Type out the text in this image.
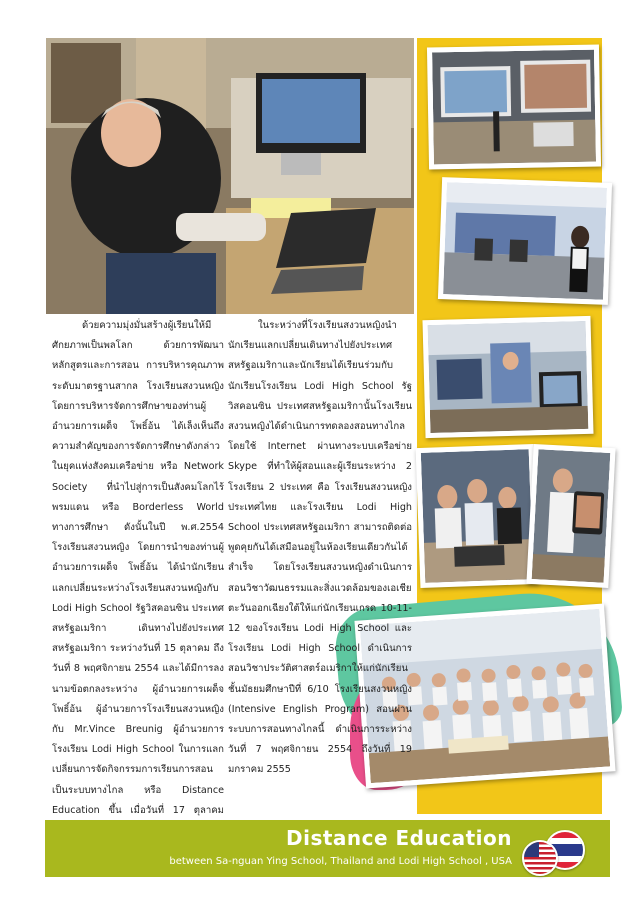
ด้วยความมุ่งมั่นสร้างผู้เรียนให้มีศักยภาพเป็นพลโลก ด้วยการพัฒนาหลักสูตรและการสอน การบริหารคุณภาพระดับมาตรฐานสากล โรงเรียนสงวนหญิงโดยการบริหารจัดการศึกษาของท่านผู้อำนวยการเผด็จ โพธิ์อ้น ได้เล็งเห็นถึงความสำคัญของการจัดการศึกษาดังกล่าวในยุคแห่งสังคมเครือข่าย หรือ Network Society ที่นำไปสู่การเป็นสังคมโลกไร้พรมแดน หรือ Borderless World ทางการศึกษา ดังนั้นในปี พ.ศ.2554 โรงเรียนสงวนหญิง โดยการนำของท่านผู้อำนวยการเผด็จ โพธิ์อ้น ได้นำนักเรียนแลกเปลี่ยนระหว่างโรงเรียนสงวนหญิงกับ Lodi High School รัฐวิสคอนซิน ประเทศสหรัฐอเมริกา เดินทางไปยังประเทศสหรัฐอเมริกา ระหว่างวันที่ 15 ตุลาคม ถึงวันที่ 8 พฤศจิกายน 2554 และได้มีการลงนามข้อตกลงระหว่าง ผู้อำนวยการเผด็จ โพธิ์อ้น ผู้อำนวยการโรงเรียนสงวนหญิงกับ Mr.Vince Breunig ผู้อำนวยการโรงเรียน Lodi High School ในการแลกเปลี่ยนการจัดกิจกรรมการเรียนการสอนเป็นระบบทางไกล หรือ Distance Education ขึ้น เมื่อวันที่ 17 ตุลาคม
ในระหว่างที่โรงเรียนสงวนหญิงนำนักเรียนแลกเปลี่ยนเดินทางไปยังประเทศสหรัฐอเมริกาและนักเรียนได้เรียนร่วมกับนักเรียนโรงเรียน Lodi High School รัฐวิสคอนซิน ประเทศสหรัฐอเมริกานั้นโรงเรียนสงวนหญิงได้ดำเนินการทดลองสอนทางไกลโดยใช้ Internet ผ่านทางระบบเครือข่าย Skype ที่ทำให้ผู้สอนและผู้เรียนระหว่าง 2 โรงเรียน 2 ประเทศ คือ โรงเรียนสงวนหญิง ประเทศไทย และโรงเรียน Lodi High School ประเทศสหรัฐอเมริกา สามารถติดต่อพูดคุยกันได้เสมือนอยู่ในห้องเรียนเดียวกันได้สำเร็จ โดยโรงเรียนสงวนหญิงดำเนินการสอนวิชาวัฒนธรรมและสิ่งแวดล้อมของเอเชียตะวันออกเฉียงใต้ให้แก่นักเรียนเกรด 10-11-12 ของโรงเรียน Lodi High School และโรงเรียน Lodi High School ดำเนินการสอนวิชาประวัติศาสตร์อเมริกาให้แก่นักเรียนชั้นมัธยมศึกษาปีที่ 6/10 โรงเรียนสงวนหญิง (Intensive English Program) สอนผ่านระบบการสอนทางไกลนี้ ดำเนินการระหว่างวันที่ 7 พฤศจิกายน 2554 ถึงวันที่ 19 มกราคม 2555
Distance Education
between Sa-nguan Ying School, Thailand and Lodi High School , USA
